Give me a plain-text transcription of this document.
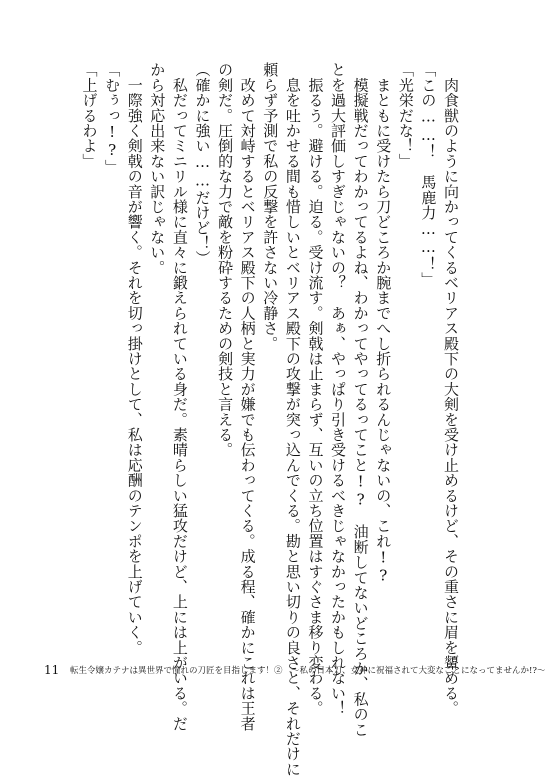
　肉食獣のように向かってくるベリアス殿下の大剣を受け止めるけど、その重さに眉を顰める。

「この……！　馬鹿力……！」

「光栄だな！」

　まともに受けたら刀どころか腕までへし折られるんじゃないの、これ!?

　模擬戦だってわかってるよね、わかってやってるってこと!?　油断してないどころか、私のこ

とを過大評価しすぎじゃないの？　あぁ、やっぱり引き受けるべきじゃなかったかもしれない！

　振るう。避ける。迫る。受け流す。剣戟は止まらず、互いの立ち位置はすぐさま移り変わる。

　息を吐かせる間も惜しいとベリアス殿下の攻撃が突っ込んでくる。勘と思い切りの良さと、それだけに

頼らず予測で私の反撃を許さない冷静さ。

　改めて対峙するとベリアス殿下の人柄と実力が嫌でも伝わってくる。成る程、確かにこれは王者

の剣だ。圧倒的な力で敵を粉砕するための剣技と言える。

（確かに強い……だけど！）

　私だってミニリル様に直々に鍛えられている身だ。素晴らしい猛攻だけど、上には上がいる。だ

から対応出来ない訳じゃない。

　一際強く剣戟の音が響く。それを切っ掛けとして、私は応酬のテンポを上げていく。

「むぅっ!?」

「上げるわよ」

11	転生令嬢カテナは異世界で憧れの刀匠を目指します！②　～私の日本刀、女神に祝福されて大変なことになってませんか!?～
